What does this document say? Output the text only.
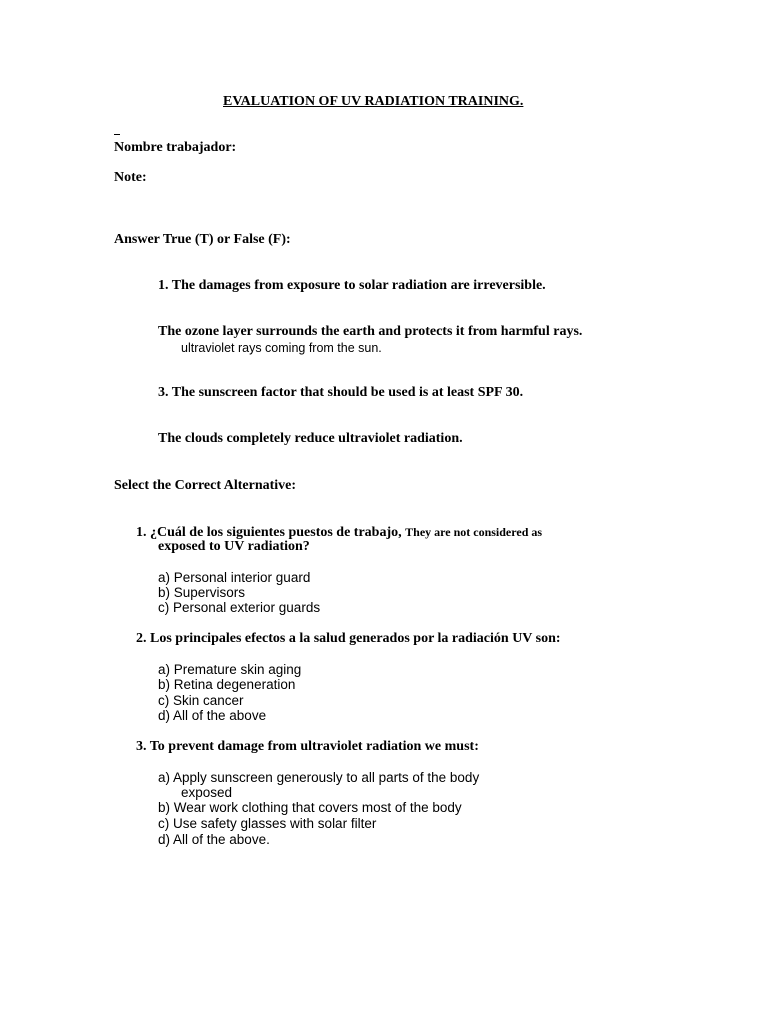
EVALUATION OF UV RADIATION TRAINING.
Nombre trabajador:
Note:
Answer True (T) or False (F):
1. The damages from exposure to solar radiation are irreversible.
The ozone layer surrounds the earth and protects it from harmful rays.
ultraviolet rays coming from the sun.
3. The sunscreen factor that should be used is at least SPF 30.
The clouds completely reduce ultraviolet radiation.
Select the Correct Alternative:
1. ¿Cuál de los siguientes puestos de trabajo, They are not considered as
exposed to UV radiation?
a) Personal interior guard
b) Supervisors
c) Personal exterior guards
2. Los principales efectos a la salud generados por la radiación UV son:
a) Premature skin aging
b) Retina degeneration
c) Skin cancer
d) All of the above
3. To prevent damage from ultraviolet radiation we must:
a) Apply sunscreen generously to all parts of the body
exposed
b) Wear work clothing that covers most of the body
c) Use safety glasses with solar filter
d) All of the above.
